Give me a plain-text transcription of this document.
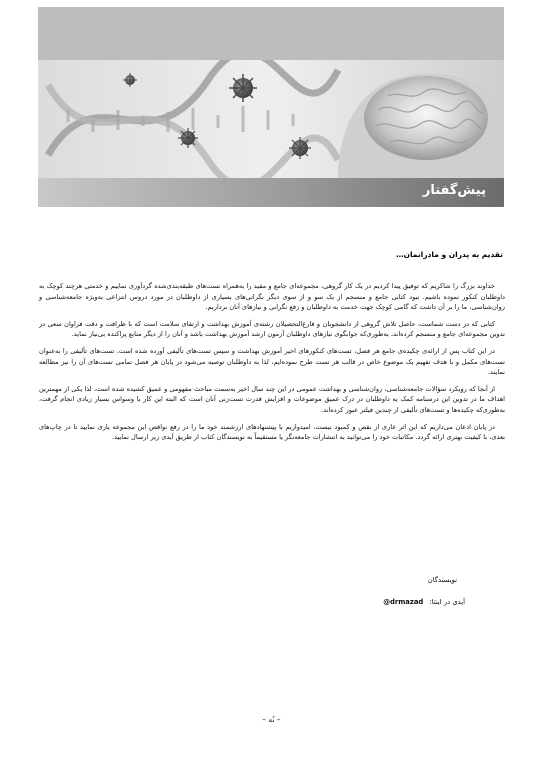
پیش‌گفتار
تقدیم به پدران و مادرانمان…

خداوند بزرگ را شاکریم که توفیق پیدا کردیم در یک کار گروهی، مجموعه‌ای جامع و مفید را به‌همراه تست‌های طبقه‌بندی‌شده گردآوری نماییم و خدمتی هرچند کوچک به داوطلبان کنکور نموده باشیم. نبود کتابی جامع و منسجم از یک سو و از سوی دیگر نگرانی‌های بسیاری از داوطلبان در مورد دروس انتزاعی به‌ویژه جامعه‌شناسی و روان‌شناسی، ما را بر آن داشت که گامی کوچک جهت خدمت به داوطلبان و رفع نگرانی و نیازهای آنان برداریم.

کتابی که در دست شماست، حاصل تلاش گروهی از دانشجویان و فارغ‌التحصیلان رشته‌ی آموزش بهداشت و ارتقای سلامت است که با ظرافت و دقت فراوان سعی در تدوین مجموعه‌ای جامع و منسجم کرده‌اند، به‌طوری‌که جوابگوی نیازهای داوطلبان آزمون ارشد آموزش بهداشت باشد و آنان را از دیگر منابع پراکنده بی‌نیاز نماید.

در این کتاب پس از ارائه‌ی چکیده‌ی جامع هر فصل، تست‌های کنکورهای اخیر آموزش بهداشت و سپس تست‌های تألیفی آورده شده است. تست‌های تألیفی را به‌عنوان تست‌های مکمل و با هدف تفهیم یک موضوع خاص در قالب هر تست طرح نموده‌ایم، لذا به داوطلبان توصیه می‌شود در پایان هر فصل تمامی تست‌های آن را نیز مطالعه نمایند.

از آنجا که رویکرد سؤالات جامعه‌شناسی، روان‌شناسی و بهداشت عمومی در این چند سال اخیر به‌سمت مباحث مفهومی و عمیق کشیده شده است، لذا یکی از مهمترین اهداف ما در تدوین این درسنامه کمک به داوطلبان در درک عمیق موضوعات و افزایش قدرت تست‌زنی آنان است که البته این کار با وسواس بسیار زیادی انجام گرفت، به‌طوری‌که چکیده‌ها و تست‌های تألیفی از چندین فیلتر عبور کرده‌اند.

در پایان اذعان می‌داریم که این اثر عاری از نقص و کمبود نیست، امیدواریم با پیشنهادهای ارزشمند خود ما را در رفع نواقص این مجموعه یاری نمایید تا در چاپ‌های بعدی، با کیفیت بهتری ارائه گردد. مکاتبات خود را می‌توانید به انتشارات جامعه‌نگر یا مستقیماً به نویسندگان کتاب از طریق آیدی زیر ارسال نمایید.

نویسندگان
آیدی در اینتا: @drmazad
– نُه –
